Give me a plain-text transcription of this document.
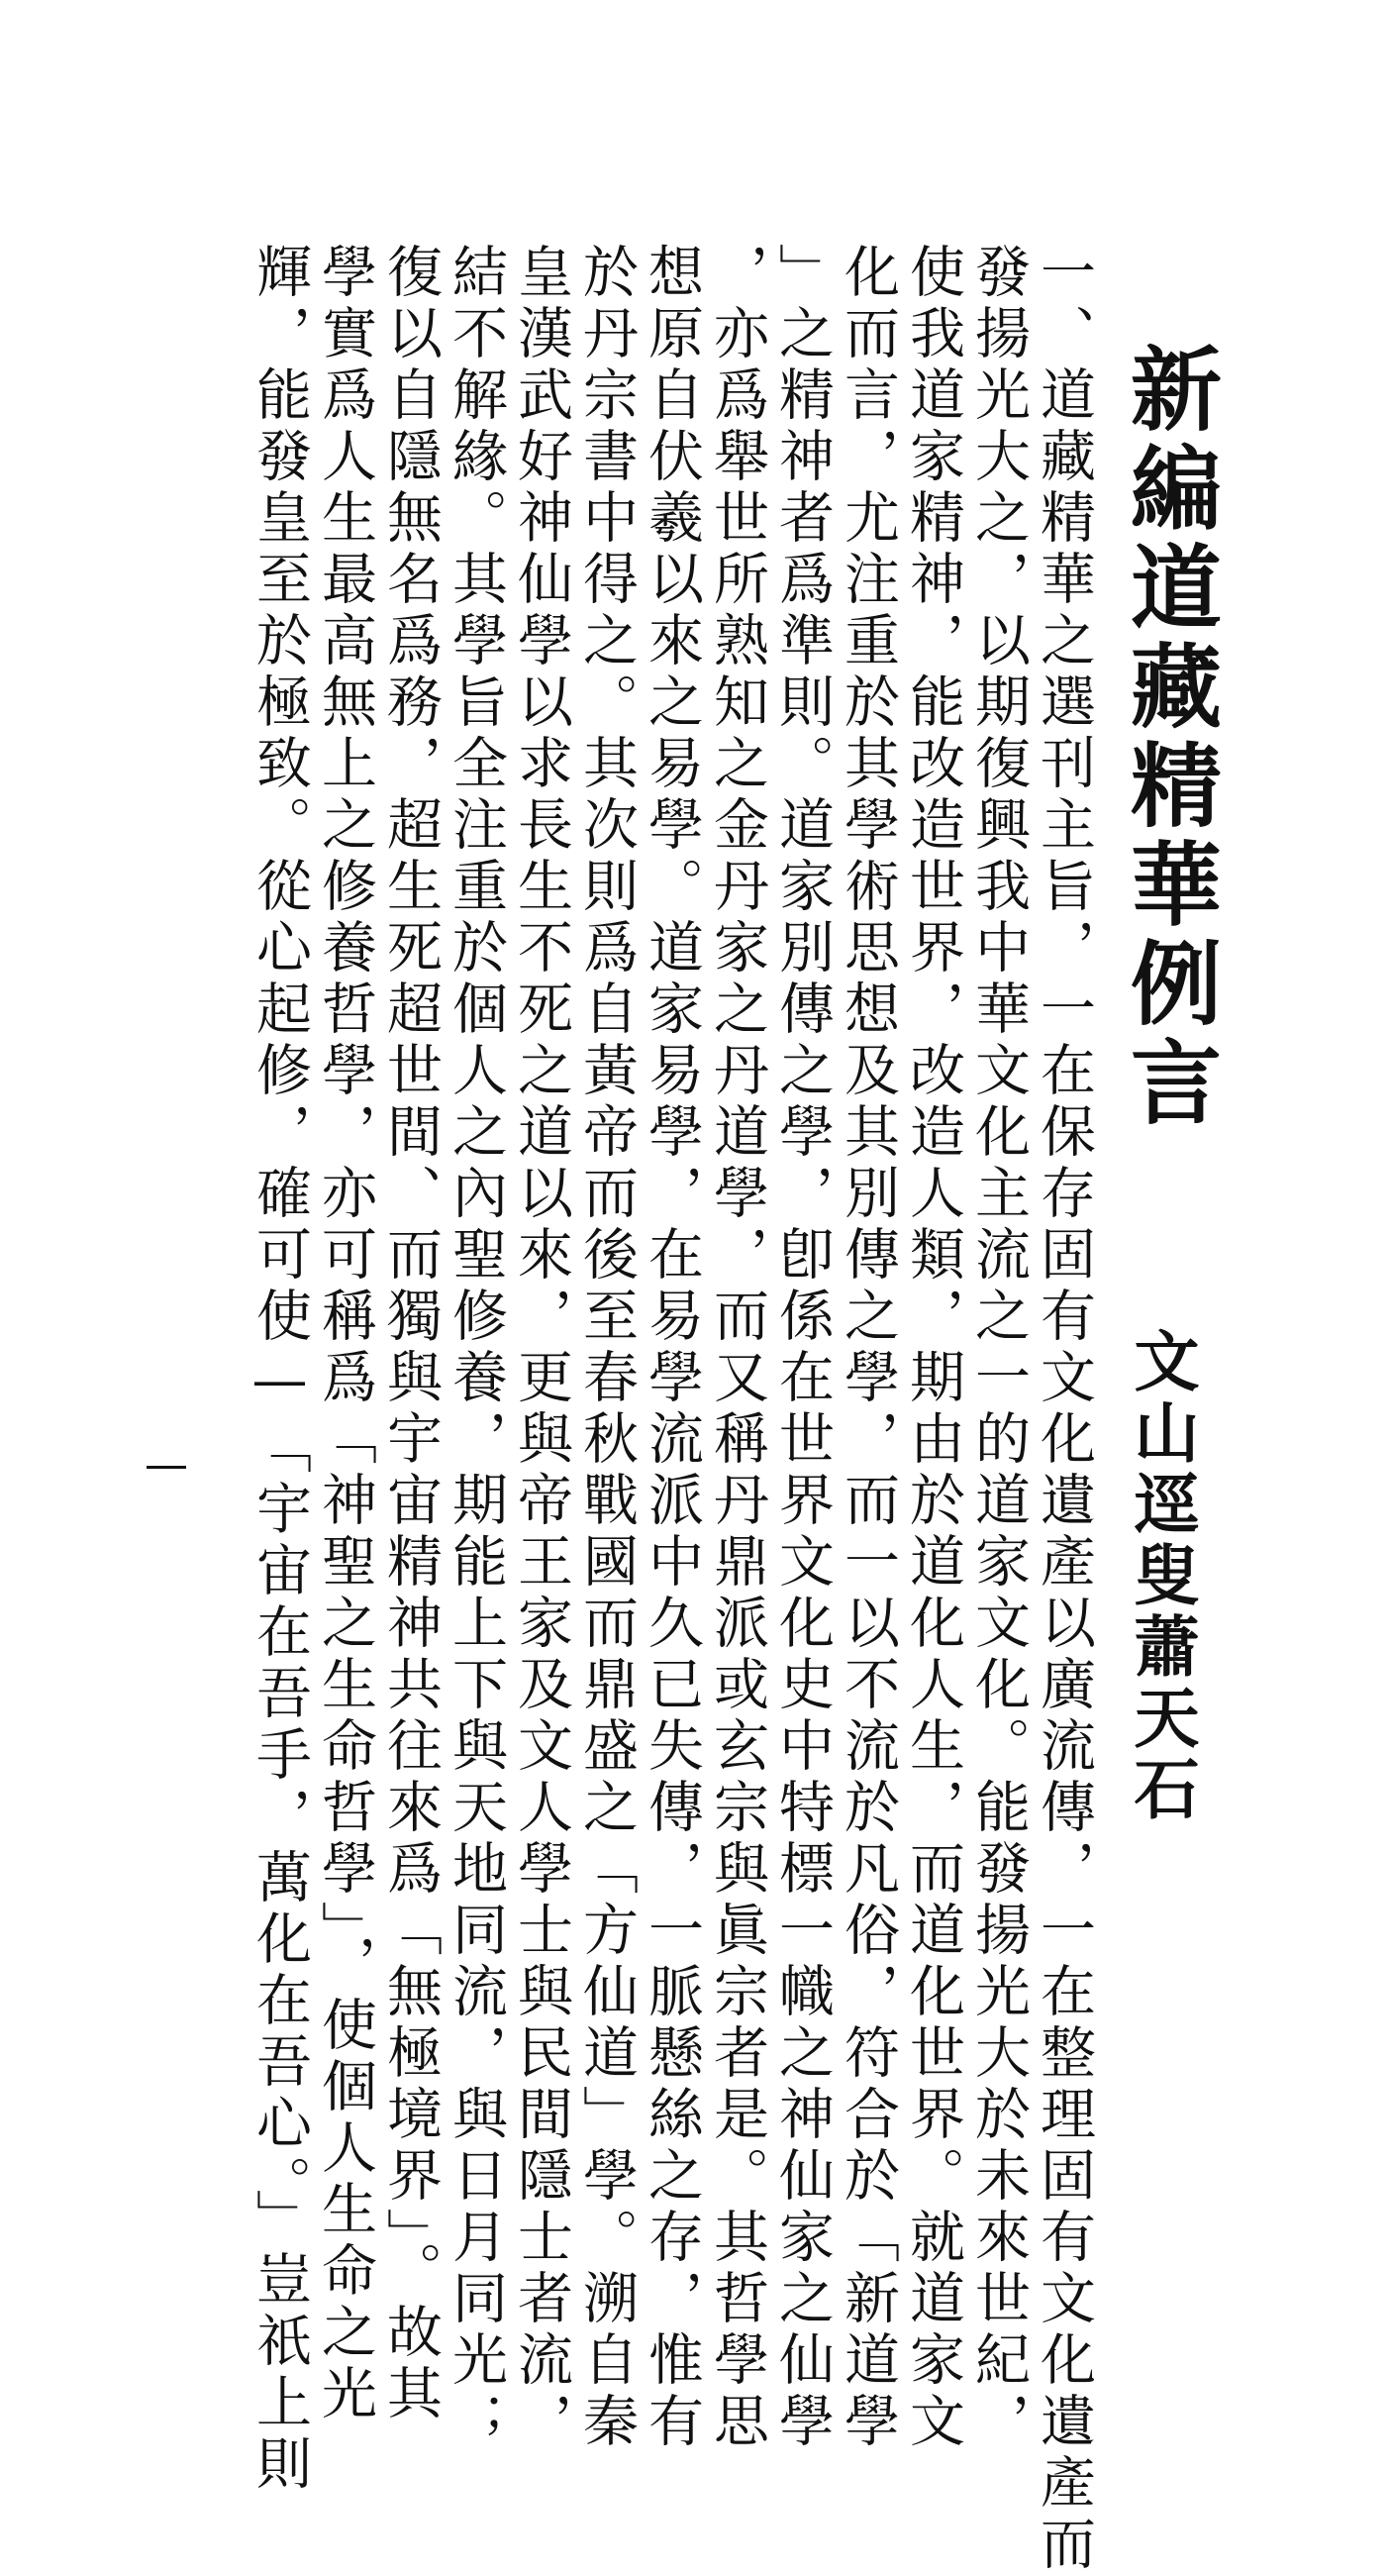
新編道藏精華例言
文山逕叟蕭天石
一、道藏精華之選刊主旨，一在保存固有文化遺產以廣流傳，一在整理固有文化遺產而
發揚光大之，以期復興我中華文化主流之一的道家文化。能發揚光大於未來世紀，
使我道家精神，能改造世界，改造人類，期由於道化人生，而道化世界。就道家文
化而言，尤注重於其學術思想及其別傳之學，而一以不流於凡俗，符合於「新道學
」之精神者爲準則。道家別傳之學，卽係在世界文化史中特標一幟之神仙家之仙學
，亦爲舉世所熟知之金丹家之丹道學，而又稱丹鼎派或玄宗與眞宗者是。其哲學思
想原自伏羲以來之易學。道家易學，在易學流派中久已失傳，一脈懸絲之存，惟有
於丹宗書中得之。其次則爲自黃帝而後至春秋戰國而鼎盛之「方仙道」學。溯自秦
皇漢武好神仙學以求長生不死之道以來，更與帝王家及文人學士與民間隱士者流，
結不解緣。其學旨全注重於個人之內聖修養，期能上下與天地同流，與日月同光；
復以自隱無名爲務，超生死超世間、而獨與宇宙精神共往來爲「無極境界」。故其
學實爲人生最高無上之修養哲學，亦可稱爲「神聖之生命哲學」，使個人生命之光
輝，能發皇至於極致。從心起修，確可使—「宇宙在吾手，萬化在吾心。」豈祇上則
